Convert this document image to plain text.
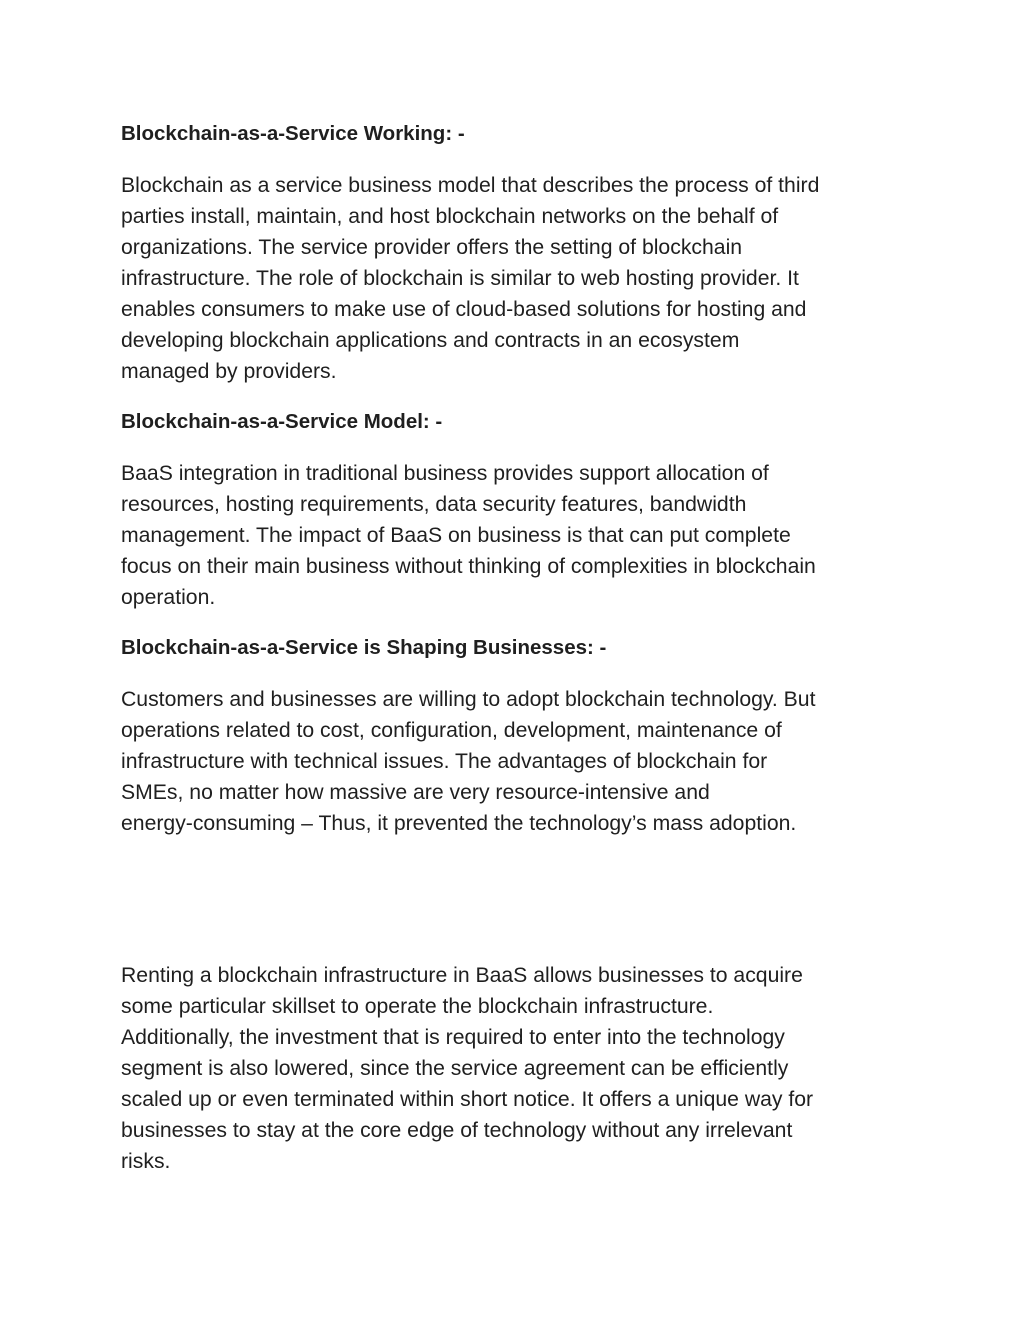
Blockchain-as-a-Service Working: -

Blockchain as a service business model that describes the process of third
parties install, maintain, and host blockchain networks on the behalf of
organizations. The service provider offers the setting of blockchain
infrastructure. The role of blockchain is similar to web hosting provider. It
enables consumers to make use of cloud-based solutions for hosting and
developing blockchain applications and contracts in an ecosystem
managed by providers.

Blockchain-as-a-Service Model: -

BaaS integration in traditional business provides support allocation of
resources, hosting requirements, data security features, bandwidth
management. The impact of BaaS on business is that can put complete
focus on their main business without thinking of complexities in blockchain
operation.

Blockchain-as-a-Service is Shaping Businesses: -

Customers and businesses are willing to adopt blockchain technology. But
operations related to cost, configuration, development, maintenance of
infrastructure with technical issues. The advantages of blockchain for
SMEs, no matter how massive are very resource-intensive and
energy-consuming – Thus, it prevented the technology’s mass adoption.

Renting a blockchain infrastructure in BaaS allows businesses to acquire
some particular skillset to operate the blockchain infrastructure.
Additionally, the investment that is required to enter into the technology
segment is also lowered, since the service agreement can be efficiently
scaled up or even terminated within short notice. It offers a unique way for
businesses to stay at the core edge of technology without any irrelevant
risks.
